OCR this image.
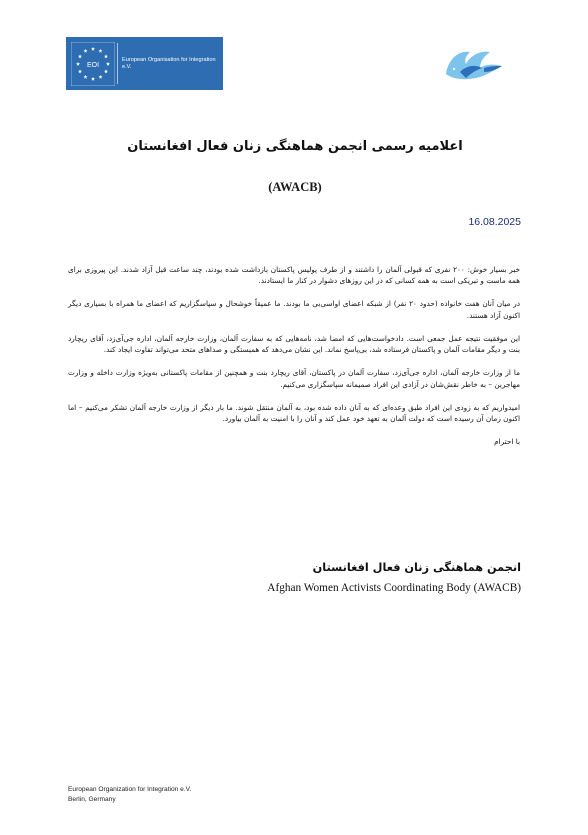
EOI
European Organisation for Integration
e.V.
اعلامیه رسمی انجمن هماهنگی زنان فعال افغانستان
(AWACB)
16.08.2025

خبر بسیار خوش: ۲۰۰ نفری که قبولی آلمان را داشتند و از طرف پولیس پاکستان بازداشت شده بودند، چند ساعت قبل آزاد شدند. این پیروزی برای همه ماست و تبریکی است به همه کسانی که در این روزهای دشوار در کنار ما ایستادند.

در میان آنان هفت خانواده (حدود ۲۰ نفر) از شبکه اعضای اواسی‌بی ما بودند. ما عمیقاً خوشحال و سپاسگزاریم که اعضای ما همراه با بسیاری دیگر اکنون آزاد هستند.

این موفقیت نتیجه عمل جمعی است. دادخواست‌هایی که امضا شد، نامه‌هایی که به سفارت آلمان، وزارت خارجه آلمان، اداره جی‌آی‌زد، آقای ریچارد بنت و دیگر مقامات آلمان و پاکستان فرستاده شد، بی‌پاسخ نماند. این نشان می‌دهد که همبستگی و صداهای متحد می‌تواند تفاوت ایجاد کند.

ما از وزارت خارجه آلمان، اداره جی‌آی‌زد، سفارت آلمان در پاکستان، آقای ریچارد بنت و همچنین از مقامات پاکستانی به‌ویژه وزارت داخله و وزارت مهاجرین – به خاطر نقش‌شان در آزادی این افراد صمیمانه سپاسگزاری می‌کنیم.

امیدواریم که به زودی این افراد طبق وعده‌ای که به آنان داده شده بود، به آلمان منتقل شوند. ما بار دیگر از وزارت خارجه آلمان تشکر می‌کنیم – اما اکنون زمان آن رسیده است که دولت آلمان به تعهد خود عمل کند و آنان را با امنیت به آلمان بیاورد.

با احترام

انجمن هماهنگی زنان فعال افغانستان
Afghan Women Activists Coordinating Body (AWACB)
European Organization for Integration e.V.
Berlin, Germany
